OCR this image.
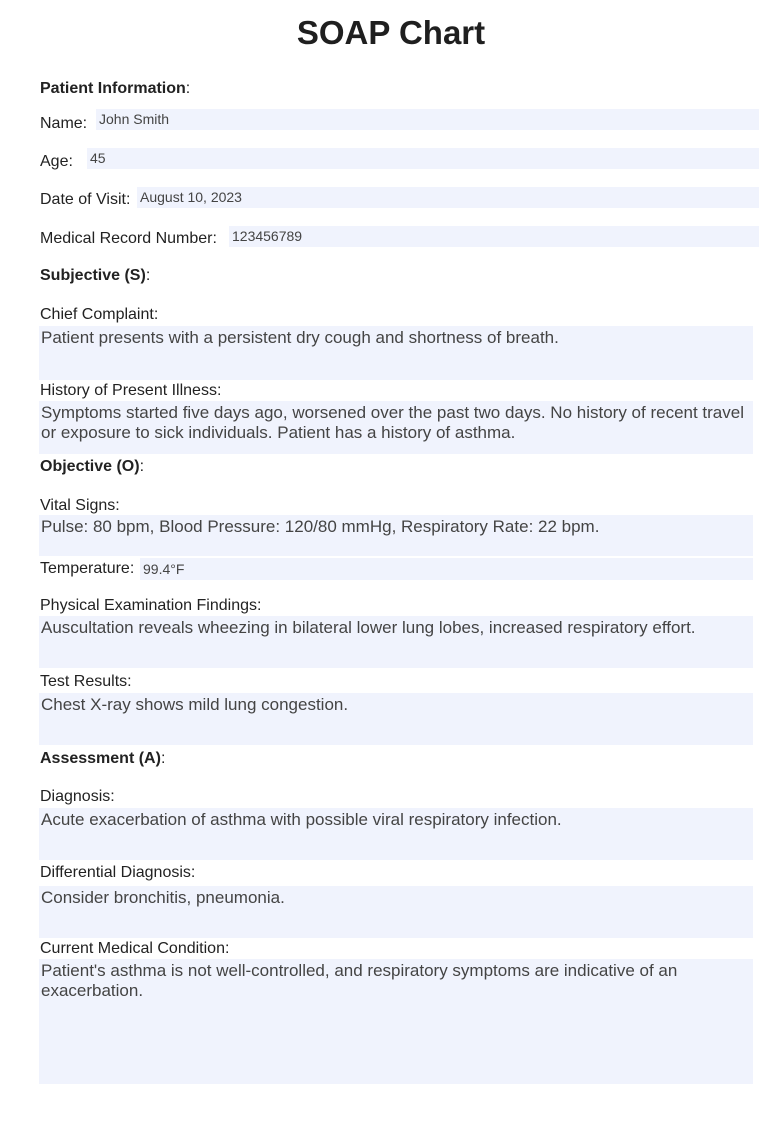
SOAP Chart
Patient Information:
Name: John Smith
Age: 45
Date of Visit: August 10, 2023
Medical Record Number: 123456789
Subjective (S):
Chief Complaint:
Patient presents with a persistent dry cough and shortness of breath.
History of Present Illness:
Symptoms started five days ago, worsened over the past two days. No history of recent travel or exposure to sick individuals. Patient has a history of asthma.
Objective (O):
Vital Signs:
Pulse: 80 bpm, Blood Pressure: 120/80 mmHg, Respiratory Rate: 22 bpm.
Temperature: 99.4°F
Physical Examination Findings:
Auscultation reveals wheezing in bilateral lower lung lobes, increased respiratory effort.
Test Results:
Chest X-ray shows mild lung congestion.
Assessment (A):
Diagnosis:
Acute exacerbation of asthma with possible viral respiratory infection.
Differential Diagnosis:
Consider bronchitis, pneumonia.
Current Medical Condition:
Patient's asthma is not well-controlled, and respiratory symptoms are indicative of an exacerbation.
